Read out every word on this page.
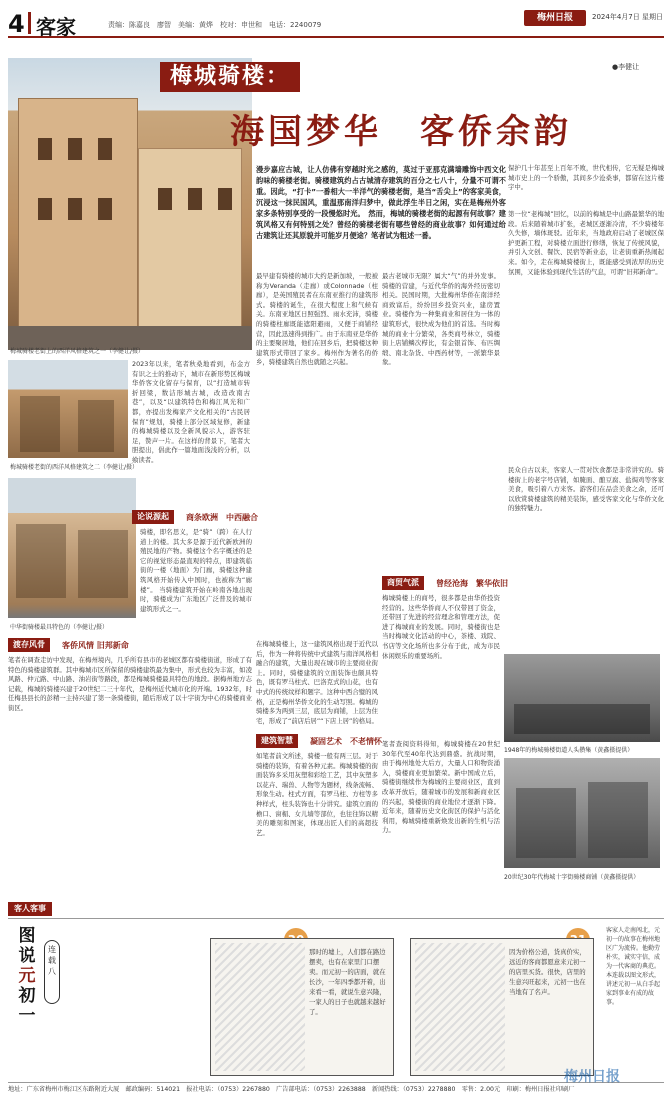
4 客家	责编：陈嘉良　廖智　美编：黄烨　校对：申世和　电话：2240079
梅州日报	2024年4月7日 星期日
梅城骑楼老街上的西洋风格建筑之一（李健让/摄）
梅城骑楼：
海国梦华　客侨余韵
●李健让
漫步嘉应古城，让人仿佛有穿越时光之感的，莫过于亚那克满墙雕饰中西文化韵味的骑楼老街。骑楼建筑约占古城清存建筑的百分之七八十，分量不可谓不重。因此，“打卡”一番相大一半洋气的骑楼老街，是当“舌尖上”的客家美食，沉浸这一抹民国风，重温那南洋归梦中，做此浮生半日之闲，实在是梅州外客家多条特别享受的一段慢悠时光。　然而，梅城的骑楼老街的起源有何故事？建筑风格又有何特别之处？曾经的骑楼老街有哪些曾经的商业故事？如何通过给古建筑让还其原貌并可能岁月便途？笔者试为粗述一番。
梅城骑楼老街的西洋风格建筑之二（李健让/摄）
中华街骑楼最具特色的（李健让/摄）
2023年以来，笔者秋桑地看到，布金方有识之士的推动下，城市在新形势区梅城华侨客文化留存与保育，以“打造城市转折回梁，数洁形城古城，改造改南古巷”，以及“以建筑特色和梅江风光和广都，亦提出发梅家产文化相关的“古民居保育”规划，骑楼上部分区域复修，新建的梅城骑楼以及全新风貌示人，游客驻足，赞声一片。在这样的背景下，笔者大胆提出，倡此作一篇地面浅浅的分析，以飨读者。
论说源起	商条欧洲　中西融合
骑楼，即名思义，是“骑”（跨）在人行道上的楼。其大多是源于近代新欧洲的殖民地的产物。骑楼这个名字概述的是它的视觉形态最直观的特点，即建筑临街的一楼（地面）为门廊，骑楼这种建筑风格开始传入中国时，也被称为“廊楼”。 当骑楼建筑开始在岭南各地出现时，骑楼成为广东地区广泛普及的城市建筑形式之一。
渡存风骨	客侨风情 旧邦新命
笔者在调查走访中发现，在梅州境内，几乎所有县市的老城区都有骑楼街道，形成了有特色的骑楼建筑群。其中梅城市区所保留的骑楼建筑最为集中，形式也较为丰富，如凌风路、仲元路、中山路、油岩街等路段，都是梅城骑楼最具特色的地段。据梅州地方志记载，梅城的骑楼兴建于20世纪二三十年代，是梅州近代城市化的开端。1932年，时任梅县县长的彭精一主持兴建了第一条骑楼街，随后形成了以十字街为中心的骑楼商业街区。
最早建有骑楼的城市大约是新加坡，一般被称为Veranda（走廊）或Colonnade（柱廊），是英国殖民者在东南亚推行的建筑形式。骑楼的诞生，在很大程度上和气候有关。东南亚地区日照强烈、雨水充沛，骑楼的骑楼柱廊既能遮阳避雨，又便于商铺经营，因此迅速得到推广。由于东南亚是华侨的主要聚居地，他们在回乡后，把骑楼这种建筑形式带回了家乡。梅州作为著名的侨乡，骑楼建筑自然也就随之兴起。
在梅城骑楼上，这一建筑风格出现于近代以后，作为一种将传统中式建筑与南洋风格相融合的建筑，大量出现在城市的主要商业街上。同时，骑楼建筑的立面装饰也颇具特色，既有罗马柱式、巴洛克式的山花，也有中式的传统纹样和题字。这种中西合璧的风格，正是梅州华侨文化的生动写照。梅城的骑楼多为两到三层，底层为商铺，上层为住宅，形成了“前店后居”“下店上居”的格局。
建筑智慧	凝固艺术　不老情怀
如笔者前文所述，骑楼一般有两三层。对于骑楼的装饰，有着各种元素。梅城骑楼的街面装饰多采用灰塑和彩绘工艺，其中灰塑多以花卉、瑞兽、人物等为题材，线条流畅、形象生动。柱式方面，有罗马柱、方柱等多种样式，柱头装饰也十分讲究。建筑立面的檐口、窗楣、女儿墙等部位，也往往饰以精美的雕刻和图案，体现出匠人们的高超技艺。
最古老城市无限？属大“气”的并外发事。骑楼的营建，与近代华侨的海外经历密切相关。民国时期，大批梅州华侨在南洋经商致富后，纷纷回乡投资兴业，建房置业。骑楼作为一种集商业和居住为一体的建筑形式，很快成为他们的首选。当时梅城的商业十分繁荣，各类商号林立，骑楼街上店铺鳞次栉比，有金银首饰、布匹绸缎、南北杂货、中西药材等，一派繁华景象。
商贸气派	曾经沧海　繁华依旧
梅城骑楼上的商号，很多都是由华侨投资经营的。这些华侨商人不仅带回了资金，还带回了先进的经营理念和管理方法，促进了梅城商业的发展。同时，骑楼街也是当时梅城文化活动的中心，茶楼、戏院、书店等文化场所也多分布于此，成为市民休闲娱乐的重要场所。
笔者查阅资料得知，梅城骑楼在20世纪30年代至40年代达到鼎盛。抗战时期，由于梅州地处大后方，大量人口和物资涌入，骑楼商业更加繁荣。新中国成立后，骑楼街继续作为梅城的主要商业区，直到改革开放后，随着城市的发展和新商业区的兴起，骑楼街的商业地位才逐渐下降。近年来，随着历史文化街区的保护与活化利用，梅城骑楼重新焕发出新的生机与活力。
保护几十年甚至上百年不败，世代相传，它无疑是梅城城市史上的一个骄傲，其间多少沧桑事，都留在这片楼宇中。
第一位“老梅城”回忆，以前的梅城是中山路最繁华的地段。后来随着城市扩张，老城区逐渐冷清，不少骑楼年久失修，墙体斑驳。近年来，当地政府启动了老城区保护更新工程，对骑楼立面进行修缮，恢复了传统风貌，并引入文创、餐饮、民宿等新业态，让老街重新热闹起来。如今，走在梅城骑楼街上，既能感受到浓厚的历史氛围，又能体验到现代生活的气息，可谓“旧邦新命”。
民众自古以来，客家人一贯对饮食都是非常讲究的。骑楼街上的老字号店铺，如腌面、酿豆腐、盐焗鸡等客家美食，吸引着八方来客。游客们在品尝美食之余，还可以欣赏骑楼建筑的精美装饰，感受客家文化与华侨文化的独特魅力。
1948年的梅城骑楼街道人头攒集（黄鑫摄提供）
20世纪30年代梅城十字街骑楼商铺（黄鑫摄提供）
客人客事
图说
元
初
一
连载八
那时的墟上，人们都在路边摆卖，也有在家里门口摆卖。而元初一的店面，就在长沙，一年四季都开着，出来看一看，就说生意兴隆，一家人的日子也就越来越好了。
因为价格公道，货真价实，远近的客商都愿意来元初一的店里买货。很快，店里的生意兴旺起来，元初一也在当地有了名声。
客家人走南闯北，元初一的故事在梅州地区广为流传。他勤劳朴实，诚实守信，成为一代客商的典范。本连载以图文形式，讲述元初一从白手起家到事业有成的故事。
地址：广东省梅州市梅江区东路附近大厦　邮政编码：514021　报社电话：（0753）2267880　广告部电话：（0753）2263888　新闻热线：（0753）2278880　零售：2.00元　印刷：梅州日报社印刷厂
梅州日报
